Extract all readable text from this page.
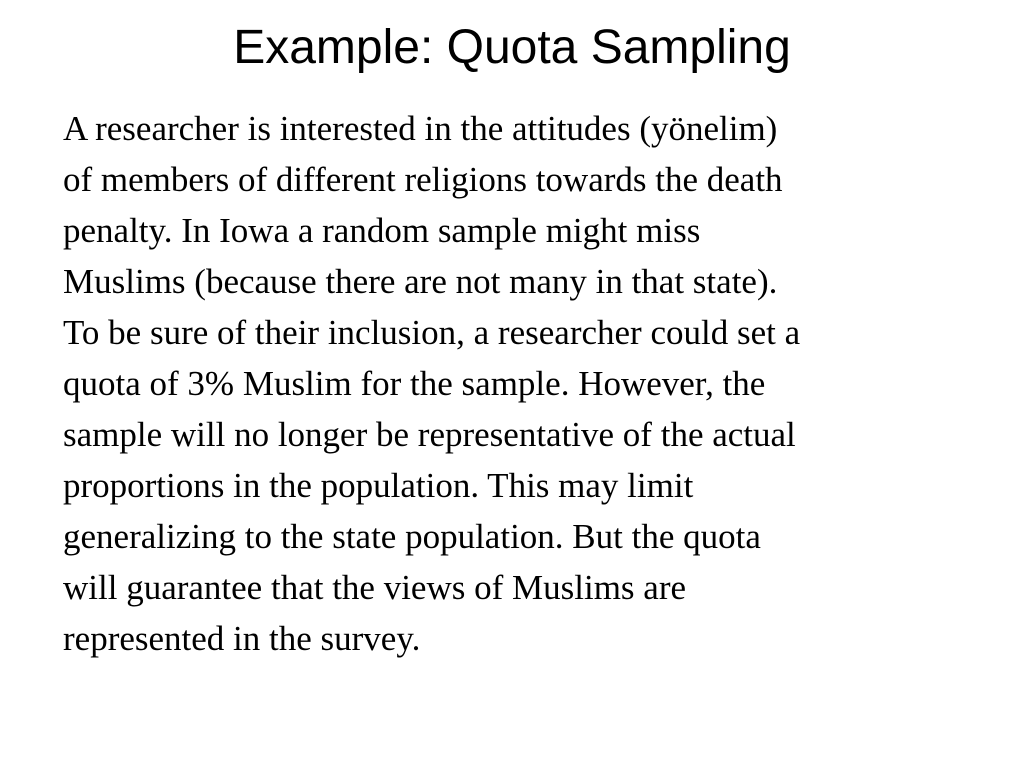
Example: Quota Sampling
A researcher is interested in the attitudes (yönelim)
of members of different religions towards the death
penalty. In Iowa a random sample might miss
Muslims (because there are not many in that state).
To be sure of their inclusion, a researcher could set a
quota of 3% Muslim for the sample. However, the
sample will no longer be representative of the actual
proportions in the population. This may limit
generalizing to the state population. But the quota
will guarantee that the views of Muslims are
represented in the survey.
